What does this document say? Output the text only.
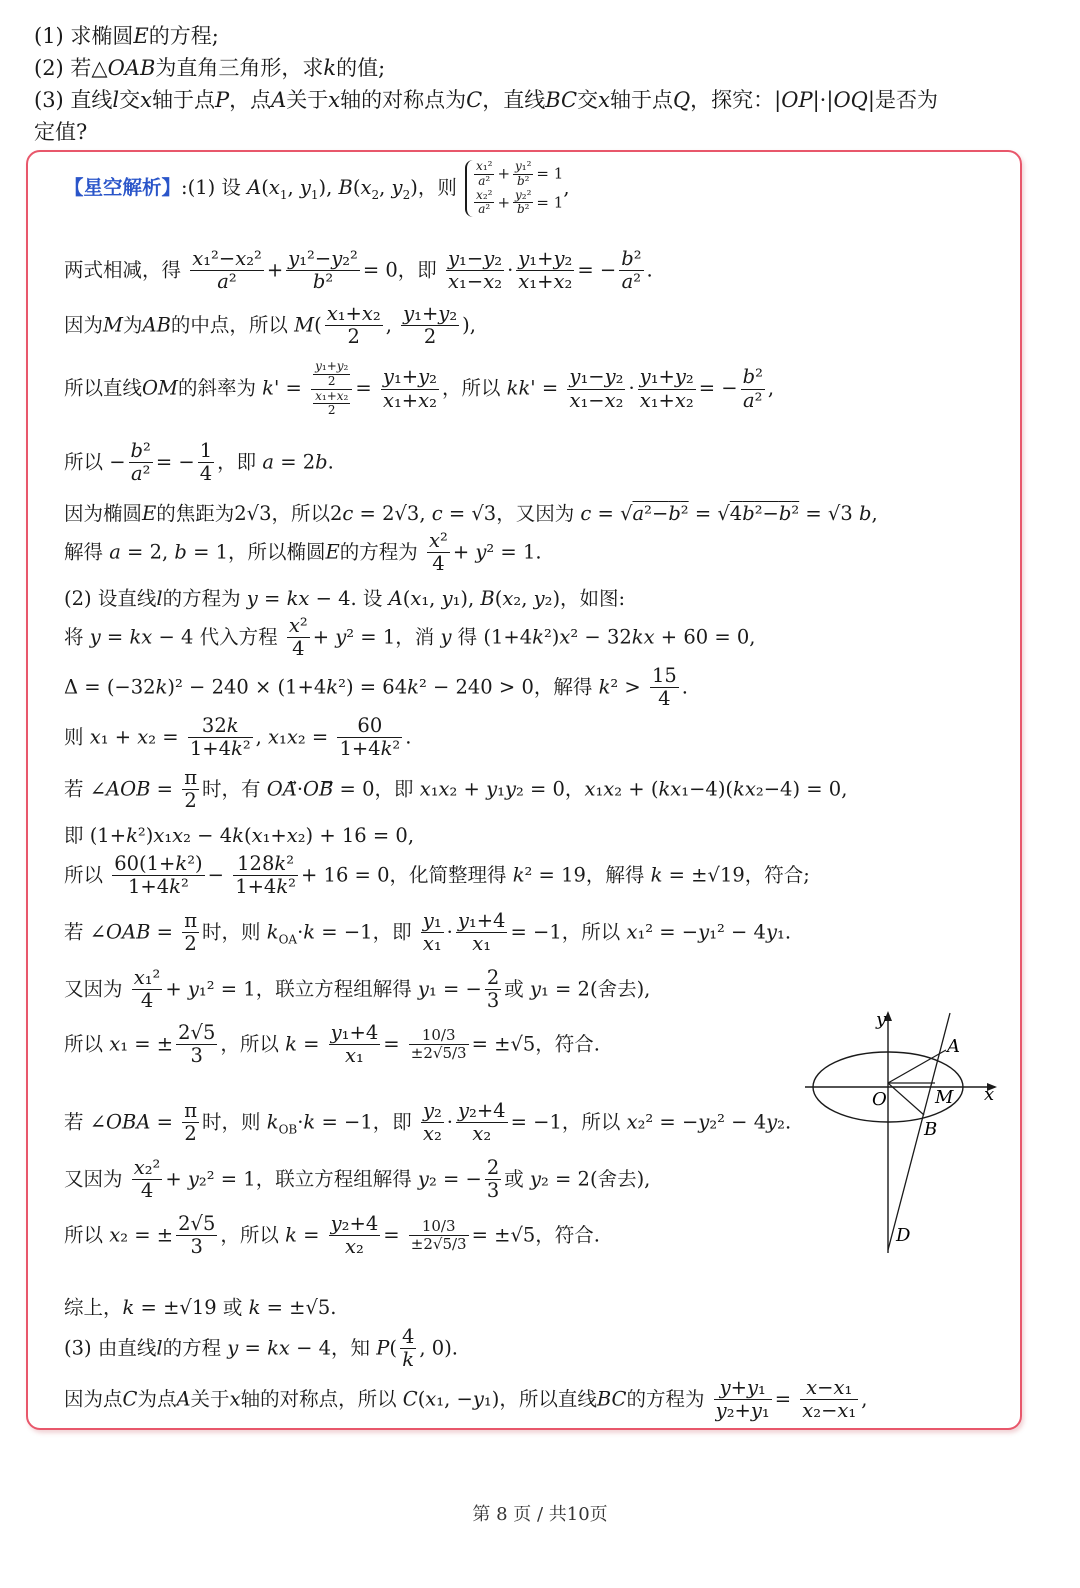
(1) 求椭圆E的方程;
(2) 若△OAB为直角三角形，求k的值;
(3) 直线l交x轴于点P，点A关于x轴的对称点为C，直线BC交x轴于点Q，探究：|OP|·|OQ|是否为
定值?
【星空解析】:(1) 设 $A(x_1$, $y_1$), $B(x_2$, $y_2$)，则 $\frac{\text{x₁²}}{\text{a²}} + \frac{\text{y₁²}}{\text{b²}} = 1$
$\frac{\text{x₂²}}{\text{a²}} + \frac{\text{y₂²}}{\text{b²}} = 1$
,
两式相减，得 $\frac{\text{x₁²−x₂²}}{\text{a²}} + \frac{\text{y₁²−y₂²}}{\text{b²}} = 0$，即 $\frac{\text{y₁−y₂}}{\text{x₁−x₂}} \cdot \frac{\text{y₁+y₂}}{\text{x₁+x₂}}$ = − $\frac{\text{b²}}{\text{a²}}$ .
因为M为AB的中点，所以 $M( \frac{\text{x₁+x₂}}{2}$ , $\frac{\text{y₁+y₂}}{2}$ ),
所以直线OM的斜率为 $k' = \frac{\frac{\text{y₁+y₂}}{2}}{\frac{\text{x₁+x₂}}{2}} = \frac{\text{y₁+y₂}}{\text{x₁+x₂}}$ ，所以 $kk' = \frac{\text{y₁−y₂}}{\text{x₁−x₂}} \cdot \frac{\text{y₁+y₂}}{\text{x₁+x₂}}$ = − $\frac{\text{b²}}{\text{a²}}$ ,
所以 − $\frac{\text{b²}}{\text{a²}}$ = − $\frac{1}{4}$ ，即 a = 2b.
因为椭圆E的焦距为2√3，所以2c = 2√3, c = √3，又因为 c = √a²−b² = √4b²−b² = √3 b,
解得 a = 2, b = 1，所以椭圆E的方程为 $\frac{\text{x²}}{4} + y^2 = 1$.
(2) 设直线l的方程为 y = kx − 4. 设 A(x₁, y₁), B(x₂, y₂)，如图:
将 y = kx − 4 代入方程 $\frac{\text{x²}}{4} + y^2 = 1$，消 y 得 (1+4k²)x² − 32kx + 60 = 0,
Δ = (−32k)² − 240 × (1+4k²) = 64k² − 240 > 0，解得 $k^2 > \frac{15}{4}$ .
则 $x_1 + x_2 = \frac{32k}{\text{1+4k²}}$ , $x_1x_2 = \frac{60}{\text{1+4k²}}$ .
若 ∠AOB = $\frac{\pi}{2}$ 时，有 OA⃗·OB⃗ = 0，即 x₁x₂ + y₁y₂ = 0，x₁x₂ + (kx₁−4)(kx₂−4) = 0,
即 (1+k²)x₁x₂ − 4k(x₁+x₂) + 16 = 0,
所以 $\frac{\text{60(1+k²)}}{\text{1+4k²}} - \frac{\text{128k²}}{\text{1+4k²}} + 16 = 0$，化简整理得 k² = 19，解得 k = ±√19，符合;
若 ∠OAB = $\frac{\pi}{2}$ 时，则 $k_{OA}\cdot k = -1$，即 $\frac{\text{y₁}}{\text{x₁}} \cdot \frac{\text{y₁+4}}{\text{x₁}} = -1$，所以 x₁² = −y₁² − 4y₁.
又因为 $\frac{\text{x₁²}}{4} + y_1^2 = 1$，联立方程组解得 y₁ = − $\frac{2}{3}$ 或 y₁ = 2(舍去),
所以 x₁ = ± $\frac{2√5}{3}$ ，所以 $k = \frac{\text{y₁+4}}{\text{x₁}} = \frac{10/3}{\pm 2√5/3} = \pm√5$，符合.
若 ∠OBA = $\frac{\pi}{2}$ 时，则 $k_{OB}\cdot k = -1$，即 $\frac{\text{y₂}}{\text{x₂}} \cdot \frac{\text{y₂+4}}{\text{x₂}} = -1$，所以 x₂² = −y₂² − 4y₂.
又因为 $\frac{\text{x₂²}}{4} + y_2^2 = 1$，联立方程组解得 y₂ = − $\frac{2}{3}$ 或 y₂ = 2(舍去),
所以 x₂ = ± $\frac{2√5}{3}$ ，所以 $k = \frac{\text{y₂+4}}{\text{x₂}} = \frac{10/3}{\pm 2√5/3} = \pm√5$，符合.
综上，k = ±√19 或 k = ±√5.
(3) 由直线l的方程 y = kx − 4，知 $P( \frac{4}{k}$ , 0).
因为点C为点A关于x轴的对称点，所以 C(x₁, −y₁)，所以直线BC的方程为 $\frac{\text{y+y₁}}{\text{y₂+y₁}} = \frac{\text{x−x₁}}{\text{x₂−x₁}}$ ,
y
x
O
A
M
B
D
第 8 页 / 共10页
